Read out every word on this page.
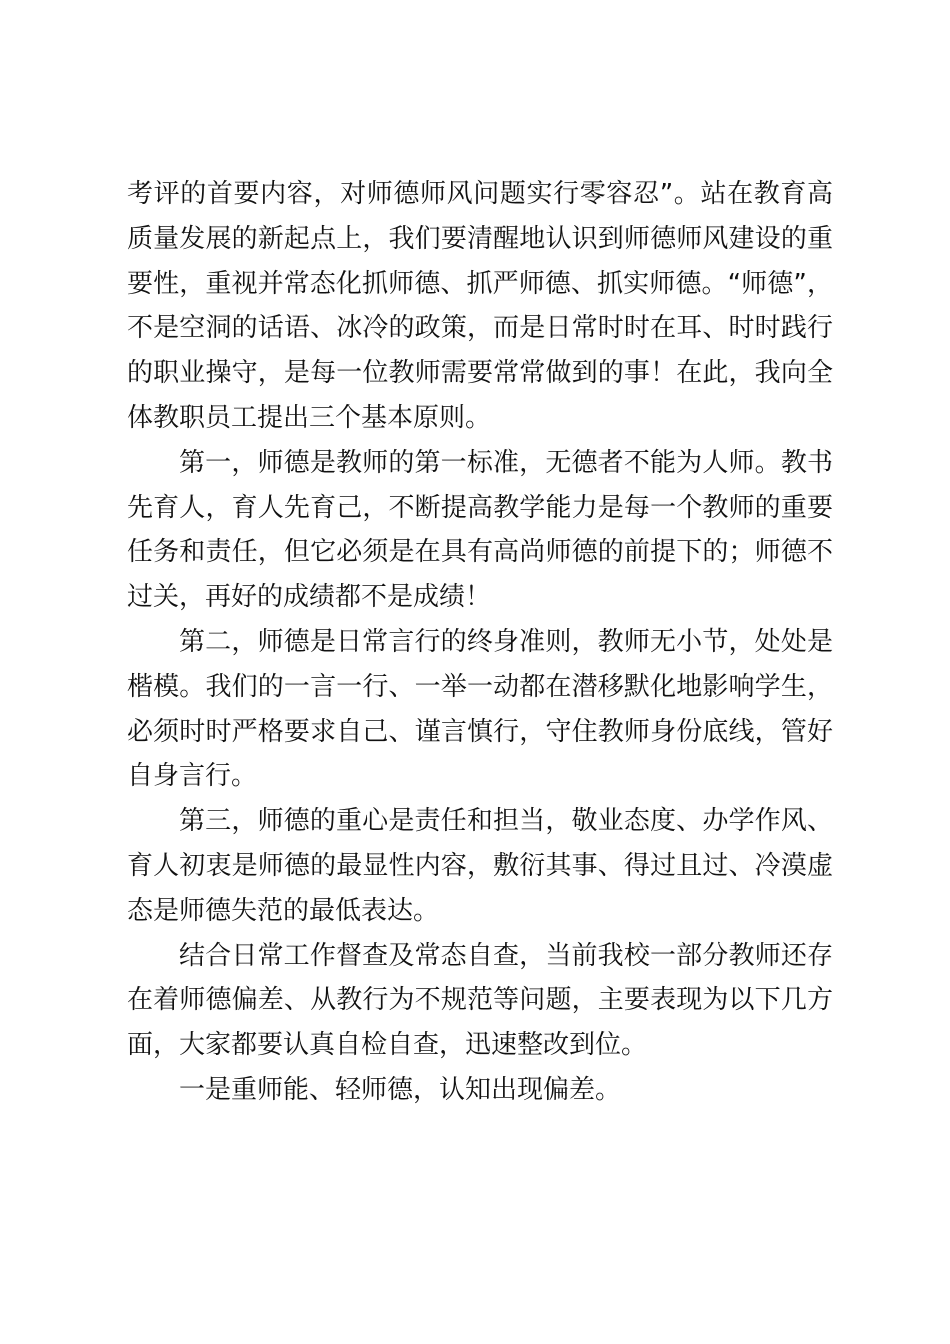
考评的首要内容，对师德师风问题实行零容忍”。站在教育高质量发展的新起点上，我们要清醒地认识到师德师风建设的重要性，重视并常态化抓师德、抓严师德、抓实师德。“师德”，不是空洞的话语、冰冷的政策，而是日常时时在耳、时时践行的职业操守，是每一位教师需要常常做到的事！在此，我向全体教职员工提出三个基本原则。

第一，师德是教师的第一标准，无德者不能为人师。教书先育人，育人先育己，不断提高教学能力是每一个教师的重要任务和责任，但它必须是在具有高尚师德的前提下的；师德不过关，再好的成绩都不是成绩！

第二，师德是日常言行的终身准则，教师无小节，处处是楷模。我们的一言一行、一举一动都在潜移默化地影响学生，必须时时严格要求自己、谨言慎行，守住教师身份底线，管好自身言行。

第三，师德的重心是责任和担当，敬业态度、办学作风、育人初衷是师德的最显性内容，敷衍其事、得过且过、冷漠虚态是师德失范的最低表达。

结合日常工作督查及常态自查，当前我校一部分教师还存在着师德偏差、从教行为不规范等问题，主要表现为以下几方面，大家都要认真自检自查，迅速整改到位。

一是重师能、轻师德，认知出现偏差。
